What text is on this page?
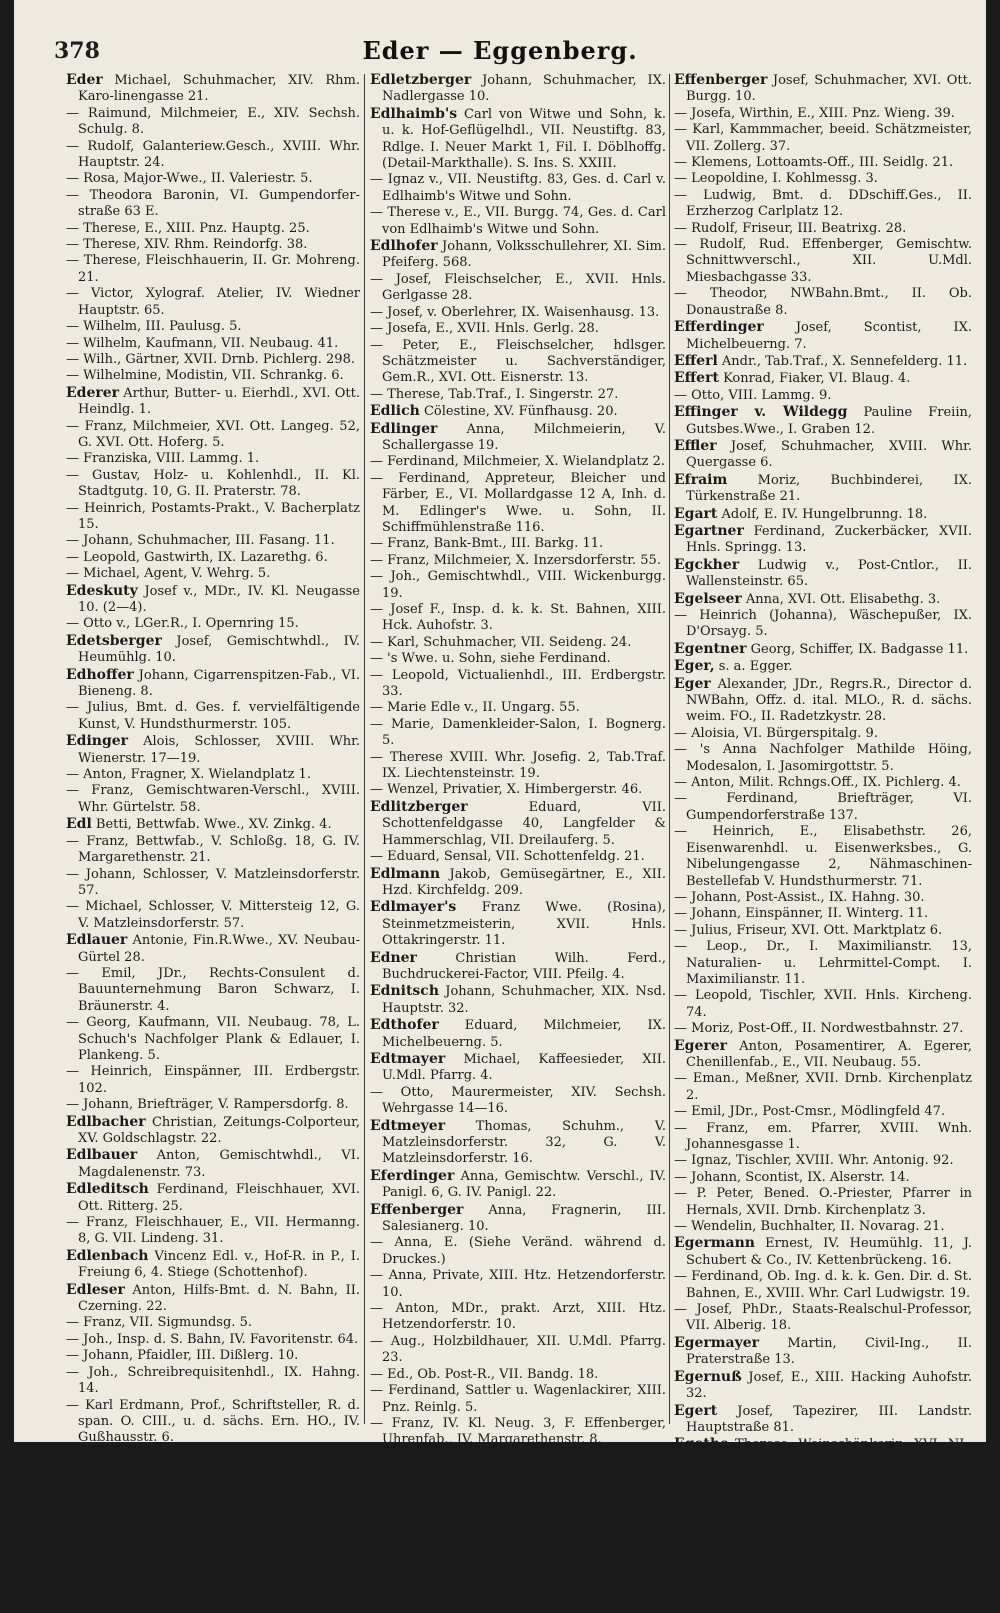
378	Eder — Eggenberg.

Eder Michael, Schuhmacher, XIV. Rhm. Karo-linengasse 21.

— Raimund, Milchmeier, E., XIV. Sechsh. Schulg. 8.

— Rudolf, Galanteriew.Gesch., XVIII. Whr. Hauptstr. 24.

— Rosa, Major-Wwe., II. Valeriestr. 5.

— Theodora Baronin, VI. Gumpendorfer-straße 63 E.

— Therese, E., XIII. Pnz. Hauptg. 25.

— Therese, XIV. Rhm. Reindorfg. 38.

— Therese, Fleischhauerin, II. Gr. Mohreng. 21.

— Victor, Xylograf. Atelier, IV. Wiedner Hauptstr. 65.

— Wilhelm, III. Paulusg. 5.

— Wilhelm, Kaufmann, VII. Neubaug. 41.

— Wilh., Gärtner, XVII. Drnb. Pichlerg. 298.

— Wilhelmine, Modistin, VII. Schrankg. 6.

Ederer Arthur, Butter- u. Eierhdl., XVI. Ott. Heindlg. 1.

— Franz, Milchmeier, XVI. Ott. Langeg. 52, G. XVI. Ott. Hoferg. 5.

— Franziska, VIII. Lammg. 1.

— Gustav, Holz- u. Kohlenhdl., II. Kl. Stadtgutg. 10, G. II. Praterstr. 78.

— Heinrich, Postamts-Prakt., V. Bacherplatz 15.

— Johann, Schuhmacher, III. Fasang. 11.

— Leopold, Gastwirth, IX. Lazarethg. 6.

— Michael, Agent, V. Wehrg. 5.

Edeskuty Josef v., MDr., IV. Kl. Neugasse 10. (2—4).

— Otto v., LGer.R., I. Opernring 15.

Edetsberger Josef, Gemischtwhdl., IV. Heumühlg. 10.

Edhoffer Johann, Cigarrenspitzen-Fab., VI. Bieneng. 8.

— Julius, Bmt. d. Ges. f. vervielfältigende Kunst, V. Hundsthurmerstr. 105.

Edinger Alois, Schlosser, XVIII. Whr. Wienerstr. 17—19.

— Anton, Fragner, X. Wielandplatz 1.

— Franz, Gemischtwaren-Verschl., XVIII. Whr. Gürtelstr. 58.

Edl Betti, Bettwfab. Wwe., XV. Zinkg. 4.

— Franz, Bettwfab., V. Schloßg. 18, G. IV. Margarethenstr. 21.

— Johann, Schlosser, V. Matzleinsdorferstr. 57.

— Michael, Schlosser, V. Mittersteig 12, G. V. Matzleinsdorferstr. 57.

Edlauer Antonie, Fin.R.Wwe., XV. Neubau-Gürtel 28.

— Emil, JDr., Rechts-Consulent d. Bauunternehmung Baron Schwarz, I. Bräunerstr. 4.

— Georg, Kaufmann, VII. Neubaug. 78, L. Schuch's Nachfolger Plank & Edlauer, I. Plankeng. 5.

— Heinrich, Einspänner, III. Erdbergstr. 102.

— Johann, Briefträger, V. Rampersdorfg. 8.

Edlbacher Christian, Zeitungs-Colporteur, XV. Goldschlagstr. 22.

Edlbauer Anton, Gemischtwhdl., VI. Magdalenenstr. 73.

Edleditsch Ferdinand, Fleischhauer, XVI. Ott. Ritterg. 25.

— Franz, Fleischhauer, E., VII. Hermanng. 8, G. VII. Lindeng. 31.

Edlenbach Vincenz Edl. v., Hof-R. in P., I. Freiung 6, 4. Stiege (Schottenhof).

Edleser Anton, Hilfs-Bmt. d. N. Bahn, II. Czerning. 22.

— Franz, VII. Sigmundsg. 5.

— Joh., Insp. d. S. Bahn, IV. Favoritenstr. 64.

— Johann, Pfaidler, III. Dißlerg. 10.

— Joh., Schreibrequisitenhdl., IX. Hahng. 14.

— Karl Erdmann, Prof., Schriftsteller, R. d. span. O. CIII., u. d. sächs. Ern. HO., IV. Gußhausstr. 6.

— Magd., Graveurin, VI. Mariahilferstr. 37.

— Magdalene, Private, I. Judenplatz 2.

— Samuel, Geschäftsreisender, V. Unt. Bräuhausstr. 67 (9 Uhr Vorm., 6 Uhr Nachm.).

Edletzberger Achaz, Raths-Secr. i. P., III. Landstr. Hauptstr. 96 A.

— Johann, fürsterzb. Consist.-Cursor, I. Rotherthurmstr. 8.

Edletzberger Johann, Schuhmacher, IX. Nadlergasse 10.

Edlhaimb's Carl von Witwe und Sohn, k. u. k. Hof-Geflügelhdl., VII. Neustiftg. 83, Rdlge. I. Neuer Markt 1, Fil. I. Döblhoffg. (Detail-Markthalle). S. Ins. S. XXIII.

— Ignaz v., VII. Neustiftg. 83, Ges. d. Carl v. Edlhaimb's Witwe und Sohn.

— Therese v., E., VII. Burgg. 74, Ges. d. Carl von Edlhaimb's Witwe und Sohn.

Edlhofer Johann, Volksschullehrer, XI. Sim. Pfeiferg. 568.

— Josef, Fleischselcher, E., XVII. Hnls. Gerlgasse 28.

— Josef, v. Oberlehrer, IX. Waisenhausg. 13.

— Josefa, E., XVII. Hnls. Gerlg. 28.

— Peter, E., Fleischselcher, hdlsger. Schätzmeister u. Sachverständiger, Gem.R., XVI. Ott. Eisnerstr. 13.

— Therese, Tab.Traf., I. Singerstr. 27.

Edlich Cölestine, XV. Fünfhausg. 20.

Edlinger Anna, Milchmeierin, V. Schallergasse 19.

— Ferdinand, Milchmeier, X. Wielandplatz 2.

— Ferdinand, Appreteur, Bleicher und Färber, E., VI. Mollardgasse 12 A, Inh. d. M. Edlinger's Wwe. u. Sohn, II. Schiffmühlenstraße 116.

— Franz, Bank-Bmt., III. Barkg. 11.

— Franz, Milchmeier, X. Inzersdorferstr. 55.

— Joh., Gemischtwhdl., VIII. Wickenburgg. 19.

— Josef F., Insp. d. k. k. St. Bahnen, XIII. Hck. Auhofstr. 3.

— Karl, Schuhmacher, VII. Seideng. 24.

— 's Wwe. u. Sohn, siehe Ferdinand.

— Leopold, Victualienhdl., III. Erdbergstr. 33.

— Marie Edle v., II. Ungarg. 55.

— Marie, Damenkleider-Salon, I. Bognerg. 5.

— Therese XVIII. Whr. Josefig. 2, Tab.Traf. IX. Liechtensteinstr. 19.

— Wenzel, Privatier, X. Himbergerstr. 46.

Edlitzberger	Eduard, VII. Schottenfeldgasse 40, Langfelder & Hammerschlag, VII. Dreilauferg. 5.

— Eduard, Sensal, VII. Schottenfeldg. 21.

Edlmann Jakob, Gemüsegärtner, E., XII. Hzd. Kirchfeldg. 209.

Edlmayer's Franz Wwe. (Rosina), Steinmetzmeisterin, XVII. Hnls. Ottakringerstr. 11.

Edner	Christian Wilh. Ferd., Buchdruckerei-Factor, VIII. Pfeilg. 4.

Ednitsch Johann, Schuhmacher, XIX. Nsd. Hauptstr. 32.

Edthofer Eduard, Milchmeier, IX. Michelbeuerng. 5.

Edtmayer Michael, Kaffeesieder, XII. U.Mdl. Pfarrg. 4.

— Otto, Maurermeister, XIV. Sechsh. Wehrgasse 14—16.

Edtmeyer Thomas, Schuhm., V. Matzleinsdorferstr. 32, G. V. Matzleinsdorferstr. 16.

Eferdinger Anna, Gemischtw. Verschl., IV. Panigl. 6, G. IV. Panigl. 22.

Effenberger Anna, Fragnerin, III. Salesianerg. 10.

— Anna, E. (Siehe Veränd. während d. Druckes.)

— Anna, Private, XIII. Htz. Hetzendorferstr. 10.

— Anton, MDr., prakt. Arzt, XIII. Htz. Hetzendorferstr. 10.

— Aug., Holzbildhauer, XII. U.Mdl. Pfarrg. 23.

— Ed., Ob. Post-R., VII. Bandg. 18.

— Ferdinand, Sattler u. Wagenlackirer, XIII. Pnz. Reinlg. 5.

— Franz, IV. Kl. Neug. 3, F. Effenberger, Uhrenfab., IV. Margarethenstr. 8.

— Franz, Buchhalter, VIII. Lerchenfelderstr. 50.

— Franz, Sodawasser-Agent, II. Tempelg. 8.

— Franz, Schuhmacher, VIII. Floriania. 38.

— Franz, Kanzleidiener am Conservatorium, XVII. Hnls. Karlsg. 26.

— Franziska, XII. U.Mdl. Miesbachg. 33.

— Friedrich, MDr., Gr. Zolrsd. 80.

— Ignaz, Gastwirth u. Fuhrwerksbes., XIII. Pnz. Wieng. 39.

Effenberger Josef, Schuhmacher, XVI. Ott. Burgg. 10.

— Josefa, Wirthin, E., XIII. Pnz. Wieng. 39.

— Karl, Kammmacher, beeid. Schätzmeister, VII. Zollerg. 37.

— Klemens, Lottoamts-Off., III. Seidlg. 21.

— Leopoldine, I. Kohlmessg. 3.

— Ludwig, Bmt. d. DDschiff.Ges., II. Erzherzog Carlplatz 12.

— Rudolf, Friseur, III. Beatrixg. 28.

— Rudolf, Rud. Effenberger, Gemischtw. Schnittwverschl., XII. U.Mdl. Miesbachgasse 33.

— Theodor, NWBahn.Bmt., II. Ob. Donaustraße 8.

Efferdinger Josef, Scontist, IX. Michelbeuerng. 7.

Efferl Andr., Tab.Traf., X. Sennefelderg. 11.

Effert Konrad, Fiaker, VI. Blaug. 4.

— Otto, VIII. Lammg. 9.

Effinger v. Wildegg Pauline Freiin, Gutsbes.Wwe., I. Graben 12.

Effler Josef, Schuhmacher, XVIII. Whr. Quergasse 6.

Efraim Moriz, Buchbinderei, IX. Türkenstraße 21.

Egart Adolf, E. IV. Hungelbrunng. 18.

Egartner Ferdinand, Zuckerbäcker, XVII. Hnls. Springg. 13.

Egckher Ludwig v., Post-Cntlor., II. Wallensteinstr. 65.

Egelseer Anna, XVI. Ott. Elisabethg. 3.

— Heinrich (Johanna), Wäschepußer, IX. D'Orsayg. 5.

Egentner Georg, Schiffer, IX. Badgasse 11.

Eger, s. a. Egger.

Eger Alexander, JDr., Regrs.R., Director d. NWBahn, Offz. d. ital. MLO., R. d. sächs. weim. FO., II. Radetzkystr. 28.

— Aloisia, VI. Bürgerspitalg. 9.

— 's Anna Nachfolger Mathilde Höing, Modesalon, I. Jasomirgottstr. 5.

— Anton, Milit. Rchngs.Off., IX. Pichlerg. 4.

— Ferdinand, Briefträger, VI. Gumpendorferstraße 137.

— Heinrich, E., Elisabethstr. 26, Eisenwarenhdl. u. Eisenwerksbes., G. Nibelungengasse 2, Nähmaschinen-Bestellefab V. Hundsthurmerstr. 71.

— Johann, Post-Assist., IX. Hahng. 30.

— Johann, Einspänner, II. Winterg. 11.

— Julius, Friseur, XVI. Ott. Marktplatz 6.

— Leop., Dr., I. Maximilianstr. 13, Naturalien- u. Lehrmittel-Compt. I. Maximilianstr. 11.

— Leopold, Tischler, XVII. Hnls. Kircheng. 74.

— Moriz, Post-Off., II. Nordwestbahnstr. 27.

Egerer Anton, Posamentirer, A. Egerer, Chenillenfab., E., VII. Neubaug. 55.

— Eman., Meßner, XVII. Drnb. Kirchenplatz 2.

— Emil, JDr., Post-Cmsr., Mödlingfeld 47.

— Franz, em. Pfarrer, XVIII. Wnh. Johannesgasse 1.

— Ignaz, Tischler, XVIII. Whr. Antonig. 92.

— Johann, Scontist, IX. Alserstr. 14.

— P. Peter, Bened. O.-Priester, Pfarrer in Hernals, XVII. Drnb. Kirchenplatz 3.

— Wendelin, Buchhalter, II. Novarag. 21.

Egermann Ernest, IV. Heumühlg. 11, J. Schubert & Co., IV. Kettenbrückeng. 16.

— Ferdinand, Ob. Ing. d. k. k. Gen. Dir. d. St. Bahnen, E., XVIII. Whr. Carl Ludwigstr. 19.

— Josef, PhDr., Staats-Realschul-Professor, VII. Alberig. 18.

Egermayer Martin, Civil-Ing., II. Praterstraße 13.

Egernuß Josef, E., XIII. Hacking Auhofstr. 32.

Egert Josef, Tapezirer, III. Landstr. Hauptstraße 81.

Egethe Therese, Weinschänkerin, XVI. NL. Burgg. 2.

Egg Abraham, Stickereifab., I. Eßlingg. 7.

— Jakob, IX. Schlickg. 3, Jute- u. Kattuntüchel-Druckerei, G. I. Eßlingg. 7.

Eggenberg-Radda Emilie, XVIII. Whr. Wildemanng. 18.
